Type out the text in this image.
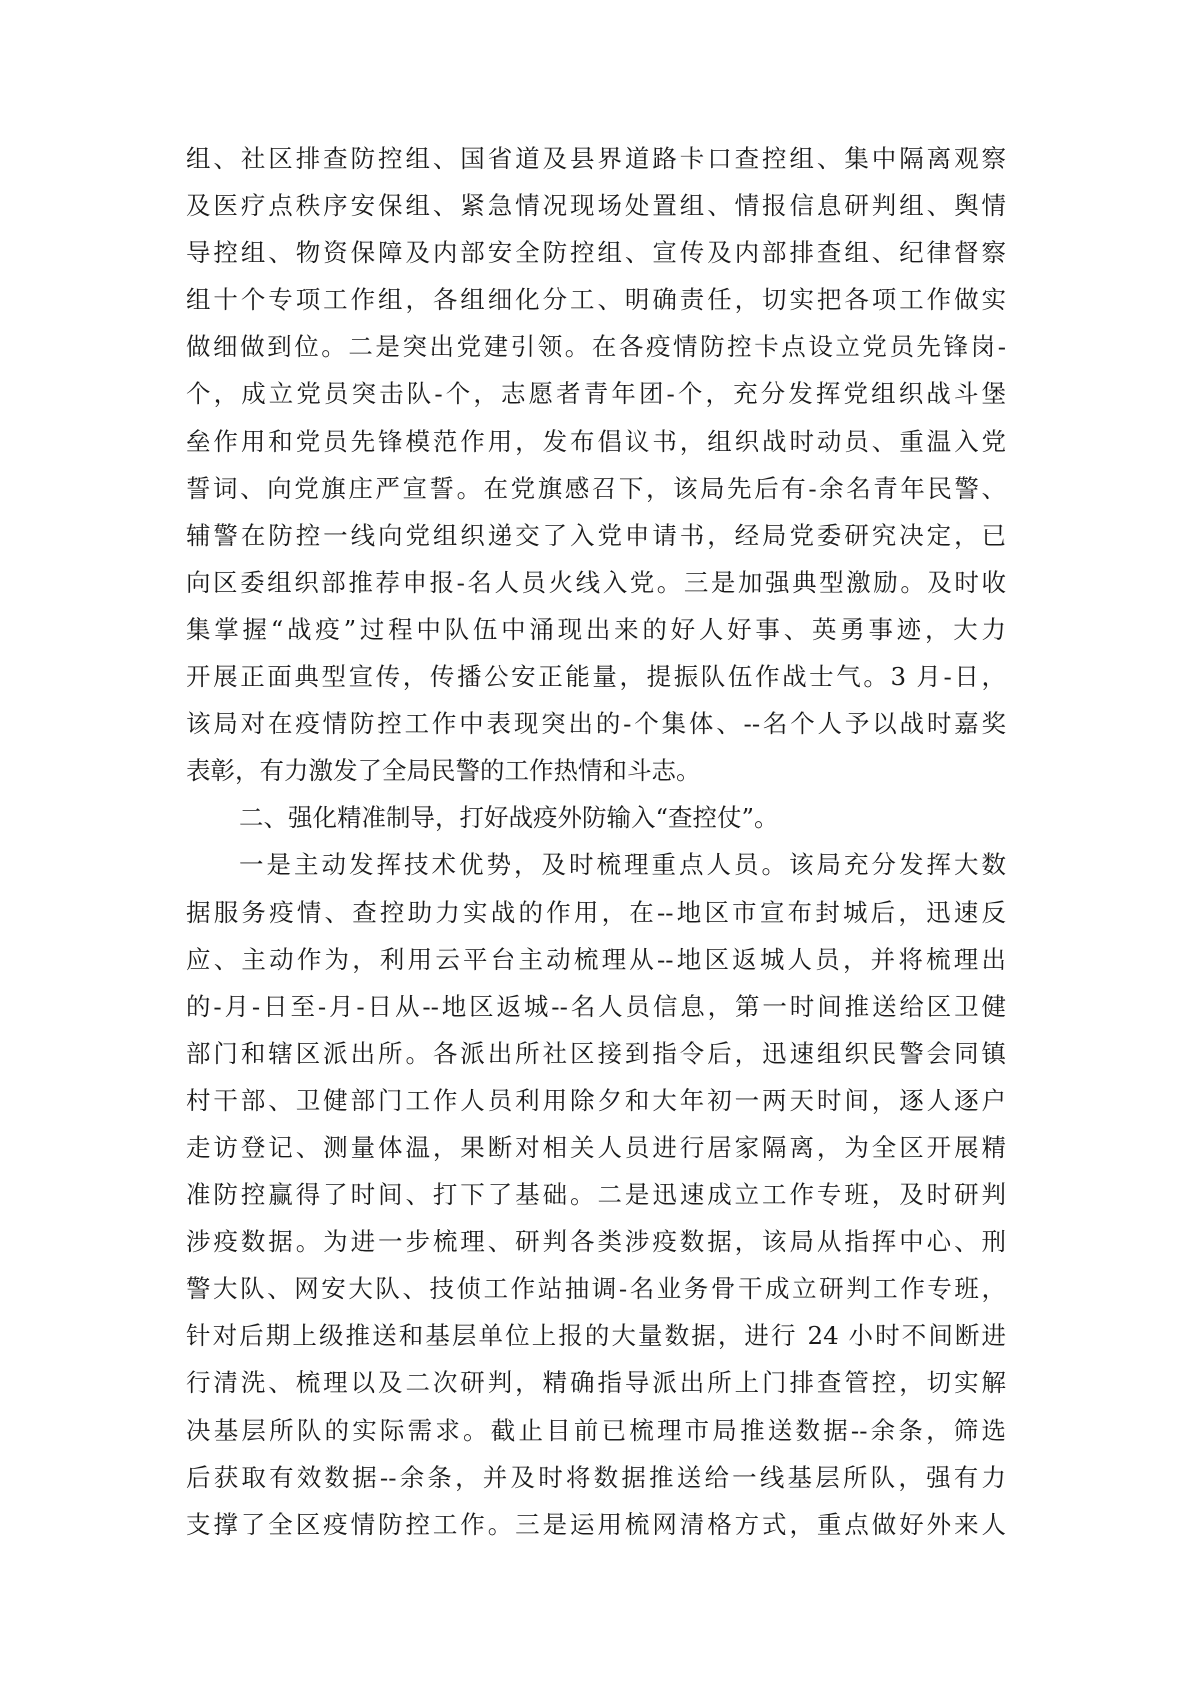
组、社区排查防控组、国省道及县界道路卡口查控组、集中隔离观察
及医疗点秩序安保组、紧急情况现场处置组、情报信息研判组、舆情
导控组、物资保障及内部安全防控组、宣传及内部排查组、纪律督察
组十个专项工作组，各组细化分工、明确责任，切实把各项工作做实
做细做到位。二是突出党建引领。在各疫情防控卡点设立党员先锋岗-
个，成立党员突击队-个，志愿者青年团-个，充分发挥党组织战斗堡
垒作用和党员先锋模范作用，发布倡议书，组织战时动员、重温入党
誓词、向党旗庄严宣誓。在党旗感召下，该局先后有-余名青年民警、
辅警在防控一线向党组织递交了入党申请书，经局党委研究决定，已
向区委组织部推荐申报-名人员火线入党。三是加强典型激励。及时收
集掌握“战疫”过程中队伍中涌现出来的好人好事、英勇事迹，大力
开展正面典型宣传，传播公安正能量，提振队伍作战士气。3 月-日，
该局对在疫情防控工作中表现突出的-个集体、--名个人予以战时嘉奖
表彰，有力激发了全局民警的工作热情和斗志。
二、强化精准制导，打好战疫外防输入“查控仗”。
一是主动发挥技术优势，及时梳理重点人员。该局充分发挥大数
据服务疫情、查控助力实战的作用，在--地区市宣布封城后，迅速反
应、主动作为，利用云平台主动梳理从--地区返城人员，并将梳理出
的-月-日至-月-日从--地区返城--名人员信息，第一时间推送给区卫健
部门和辖区派出所。各派出所社区接到指令后，迅速组织民警会同镇
村干部、卫健部门工作人员利用除夕和大年初一两天时间，逐人逐户
走访登记、测量体温，果断对相关人员进行居家隔离，为全区开展精
准防控赢得了时间、打下了基础。二是迅速成立工作专班，及时研判
涉疫数据。为进一步梳理、研判各类涉疫数据，该局从指挥中心、刑
警大队、网安大队、技侦工作站抽调-名业务骨干成立研判工作专班，
针对后期上级推送和基层单位上报的大量数据，进行 24 小时不间断进
行清洗、梳理以及二次研判，精确指导派出所上门排查管控，切实解
决基层所队的实际需求。截止目前已梳理市局推送数据--余条，筛选
后获取有效数据--余条，并及时将数据推送给一线基层所队，强有力
支撑了全区疫情防控工作。三是运用梳网清格方式，重点做好外来人
